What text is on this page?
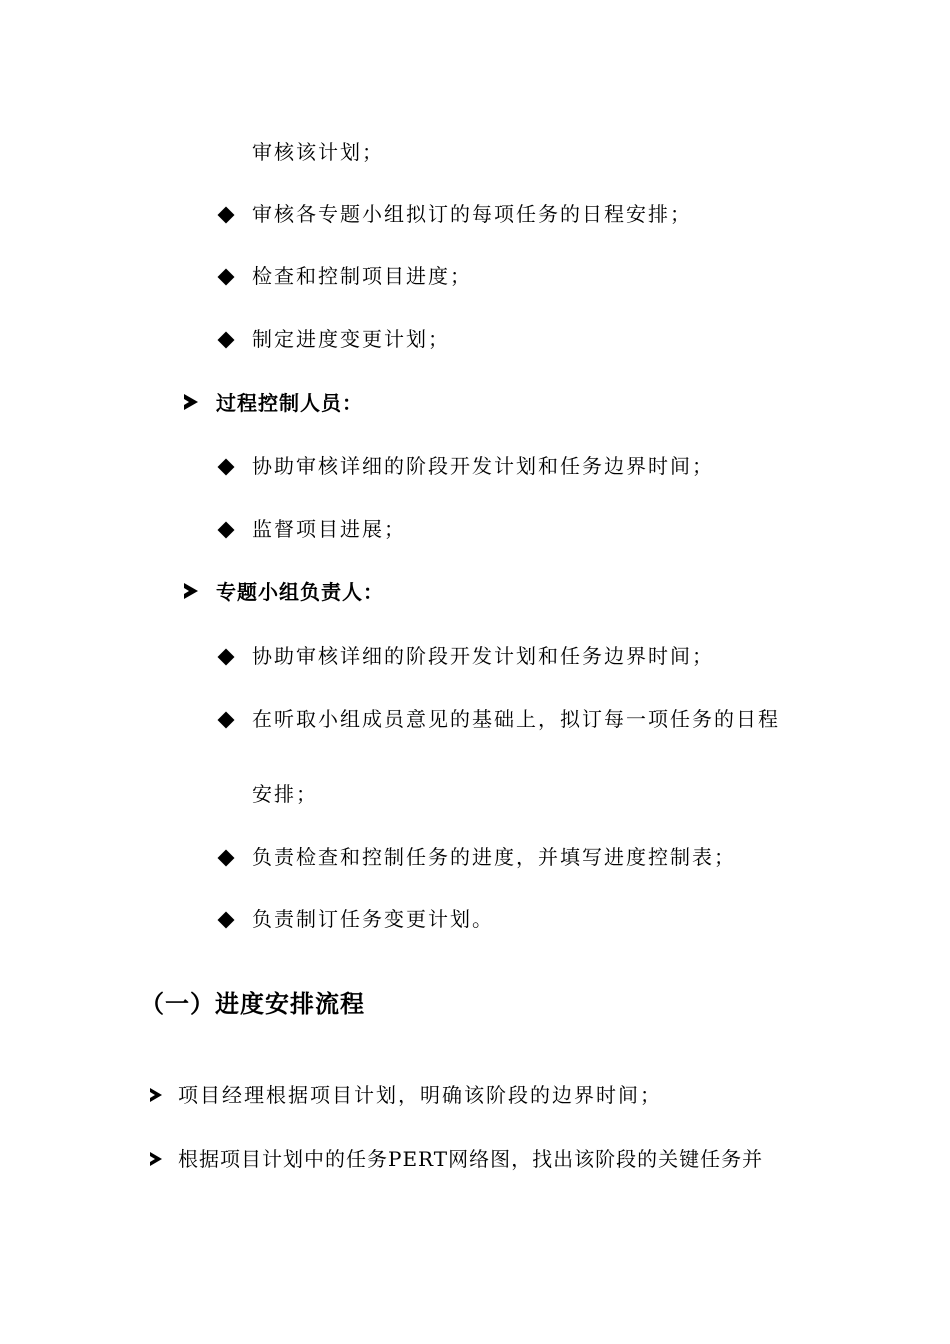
审核该计划；
审核各专题小组拟订的每项任务的日程安排；
检查和控制项目进度；
制定进度变更计划；
过程控制人员：
协助审核详细的阶段开发计划和任务边界时间；
监督项目进展；
专题小组负责人：
协助审核详细的阶段开发计划和任务边界时间；
在听取小组成员意见的基础上，拟订每一项任务的日程
安排；
负责检查和控制任务的进度，并填写进度控制表；
负责制订任务变更计划。
（一）进度安排流程
项目经理根据项目计划，明确该阶段的边界时间；
根据项目计划中的任务PERT网络图，找出该阶段的关键任务并
